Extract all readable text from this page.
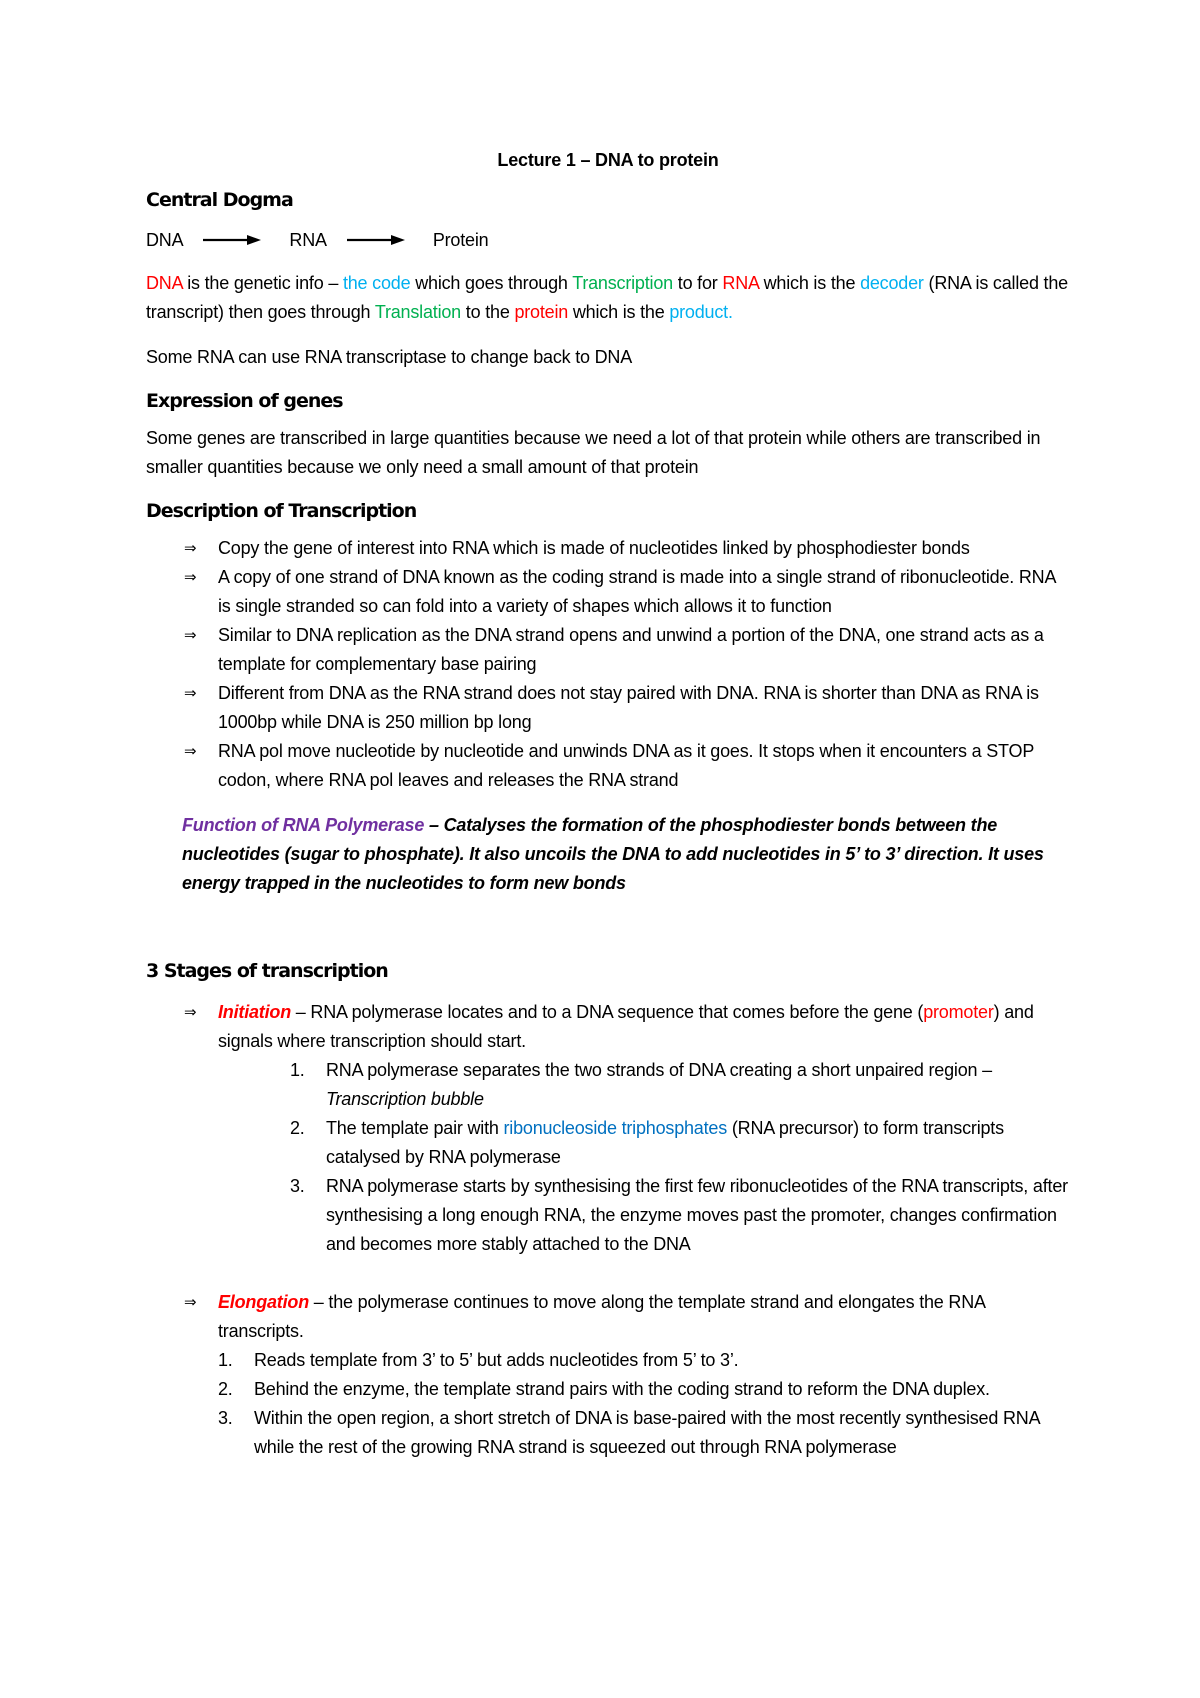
Lecture 1 – DNA to protein
Central Dogma
DNA	RNA	Protein

DNA is the genetic info – the code which goes through Transcription to for RNA which is the decoder (RNA is called the transcript) then goes through Translation to the protein which is the product.

Some RNA can use RNA transcriptase to change back to DNA

Expression of genes

Some genes are transcribed in large quantities because we need a lot of that protein while others are transcribed in smaller quantities because we only need a small amount of that protein

Description of Transcription
⇒ Copy the gene of interest into RNA which is made of nucleotides linked by phosphodiester bonds
⇒ A copy of one strand of DNA known as the coding strand is made into a single strand of ribonucleotide. RNA is single stranded so can fold into a variety of shapes which allows it to function
⇒ Similar to DNA replication as the DNA strand opens and unwind a portion of the DNA, one strand acts as a template for complementary base pairing
⇒ Different from DNA as the RNA strand does not stay paired with DNA. RNA is shorter than DNA as RNA is 1000bp while DNA is 250 million bp long
⇒ RNA pol move nucleotide by nucleotide and unwinds DNA as it goes. It stops when it encounters a STOP codon, where RNA pol leaves and releases the RNA strand

Function of RNA Polymerase – Catalyses the formation of the phosphodiester bonds between the nucleotides (sugar to phosphate). It also uncoils the DNA to add nucleotides in 5’ to 3’ direction. It uses energy trapped in the nucleotides to form new bonds

3 Stages of transcription
⇒ Initiation – RNA polymerase locates and to a DNA sequence that comes before the gene (promoter) and signals where transcription should start.
1. RNA polymerase separates the two strands of DNA creating a short unpaired region – Transcription bubble
2. The template pair with ribonucleoside triphosphates (RNA precursor) to form transcripts catalysed by RNA polymerase
3. RNA polymerase starts by synthesising the first few ribonucleotides of the RNA transcripts, after synthesising a long enough RNA, the enzyme moves past the promoter, changes confirmation and becomes more stably attached to the DNA
⇒ Elongation – the polymerase continues to move along the template strand and elongates the RNA transcripts.
1. Reads template from 3’ to 5’ but adds nucleotides from 5’ to 3’.
2. Behind the enzyme, the template strand pairs with the coding strand to reform the DNA duplex.
3. Within the open region, a short stretch of DNA is base-paired with the most recently synthesised RNA while the rest of the growing RNA strand is squeezed out through RNA polymerase
